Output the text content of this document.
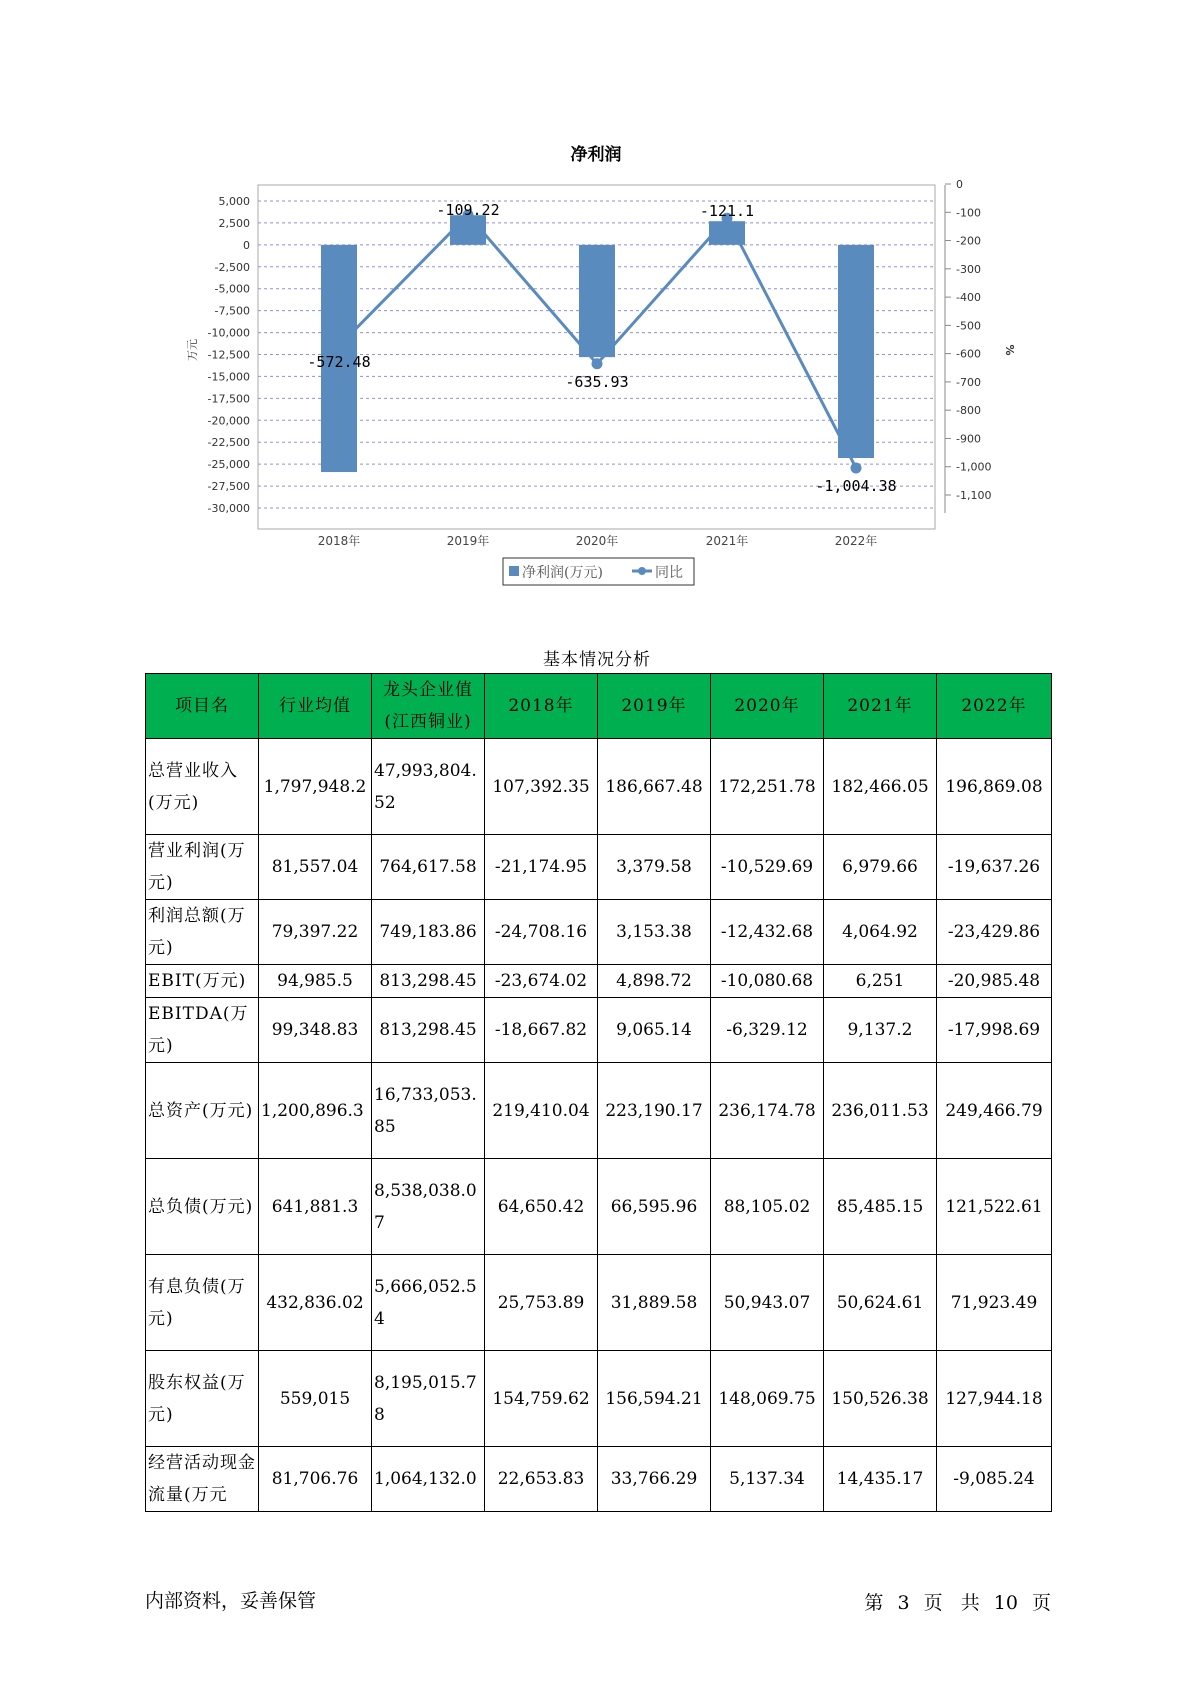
净利润
5,000
2,500
0
-2,500
-5,000
-7,500
-10,000
-12,500
-15,000
-17,500
-20,000
-22,500
-25,000
-27,500
-30,000
0
-100
-200
-300
-400
-500
-600
-700
-800
-900
-1,000
-1,100
万元	%
-572.48
-109.22
-635.93
-121.1
-1,004.38
2018年	2019年	2020年	2021年	2022年
净利润(万元)	同比
基本情况分析
项目名	行业均值	龙头企业值(江西铜业)	2018年	2019年	2020年	2021年	2022年
总营业收入(万元)	1,797,948.2	47,993,804.52	107,392.35	186,667.48	172,251.78	182,466.05	196,869.08
营业利润(万元)	81,557.04	764,617.58	-21,174.95	3,379.58	-10,529.69	6,979.66	-19,637.26
利润总额(万元)	79,397.22	749,183.86	-24,708.16	3,153.38	-12,432.68	4,064.92	-23,429.86
EBIT(万元)	94,985.5	813,298.45	-23,674.02	4,898.72	-10,080.68	6,251	-20,985.48
EBITDA(万元)	99,348.83	813,298.45	-18,667.82	9,065.14	-6,329.12	9,137.2	-17,998.69
总资产(万元)	1,200,896.3	16,733,053.85	219,410.04	223,190.17	236,174.78	236,011.53	249,466.79
总负债(万元)	641,881.3	8,538,038.07	64,650.42	66,595.96	88,105.02	85,485.15	121,522.61
有息负债(万元)	432,836.02	5,666,052.54	25,753.89	31,889.58	50,943.07	50,624.61	71,923.49
股东权益(万元)	559,015	8,195,015.78	154,759.62	156,594.21	148,069.75	150,526.38	127,944.18
经营活动现金流量(万元	81,706.76	1,064,132.0	22,653.83	33,766.29	5,137.34	14,435.17	-9,085.24
内部资料，妥善保管	第 3 页   共 10 页
